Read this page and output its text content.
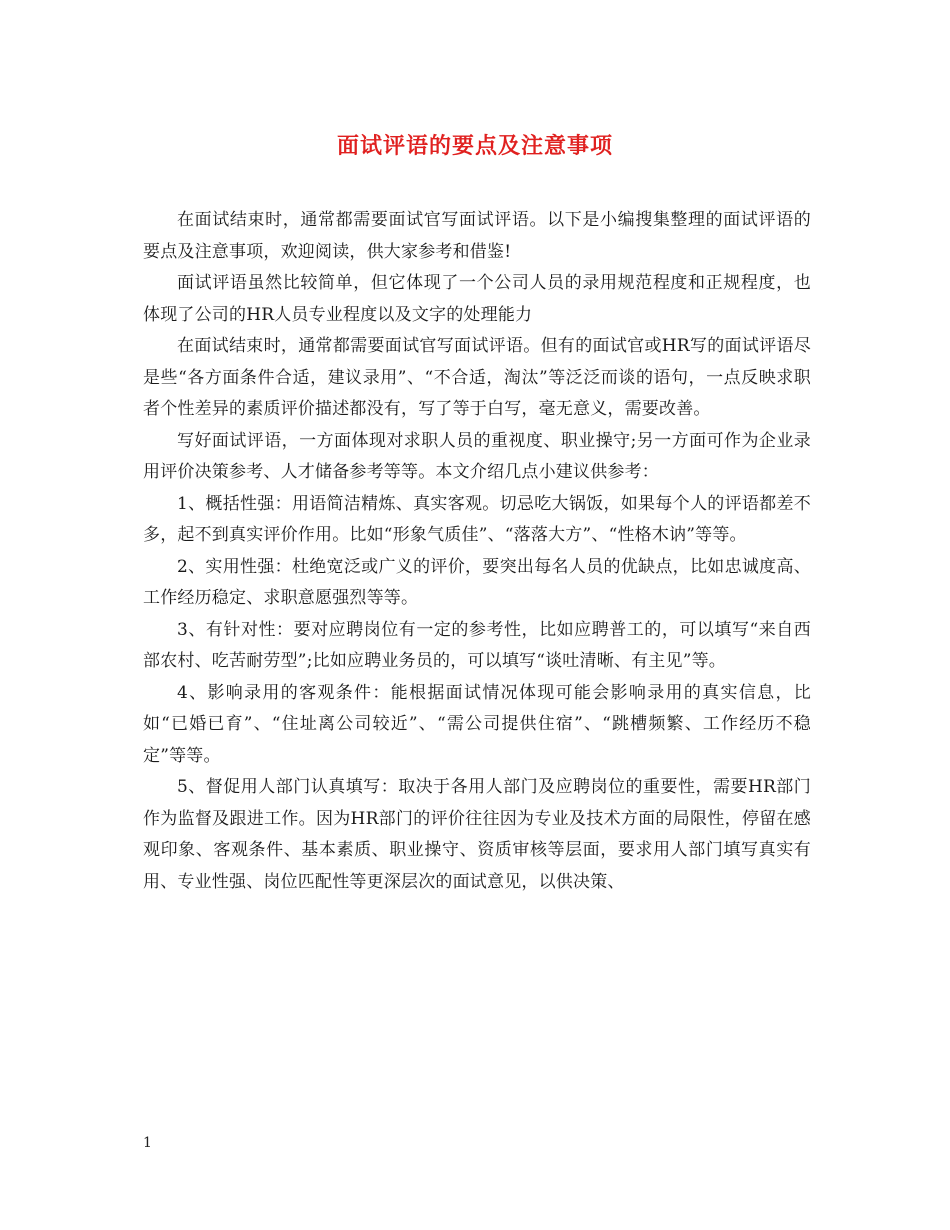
面试评语的要点及注意事项

在面试结束时，通常都需要面试官写面试评语。以下是小编搜集整理的面试评语的要点及注意事项，欢迎阅读，供大家参考和借鉴!

面试评语虽然比较简单，但它体现了一个公司人员的录用规范程度和正规程度，也体现了公司的HR人员专业程度以及文字的处理能力

在面试结束时，通常都需要面试官写面试评语。但有的面试官或HR写的面试评语尽是些“各方面条件合适，建议录用”、“不合适，淘汰”等泛泛而谈的语句，一点反映求职者个性差异的素质评价描述都没有，写了等于白写，毫无意义，需要改善。

写好面试评语，一方面体现对求职人员的重视度、职业操守;另一方面可作为企业录用评价决策参考、人才储备参考等等。本文介绍几点小建议供参考：

1、概括性强：用语简洁精炼、真实客观。切忌吃大锅饭，如果每个人的评语都差不多，起不到真实评价作用。比如“形象气质佳”、“落落大方”、“性格木讷”等等。

2、实用性强：杜绝宽泛或广义的评价，要突出每名人员的优缺点，比如忠诚度高、工作经历稳定、求职意愿强烈等等。

3、有针对性：要对应聘岗位有一定的参考性，比如应聘普工的，可以填写“来自西部农村、吃苦耐劳型”;比如应聘业务员的，可以填写“谈吐清晰、有主见”等。

4、影响录用的客观条件：能根据面试情况体现可能会影响录用的真实信息，比如“已婚已育”、“住址离公司较近”、“需公司提供住宿”、“跳槽频繁、工作经历不稳定”等等。

5、督促用人部门认真填写：取决于各用人部门及应聘岗位的重要性，需要HR部门作为监督及跟进工作。因为HR部门的评价往往因为专业及技术方面的局限性，停留在感观印象、客观条件、基本素质、职业操守、资质审核等层面，要求用人部门填写真实有用、专业性强、岗位匹配性等更深层次的面试意见，以供决策、

1
